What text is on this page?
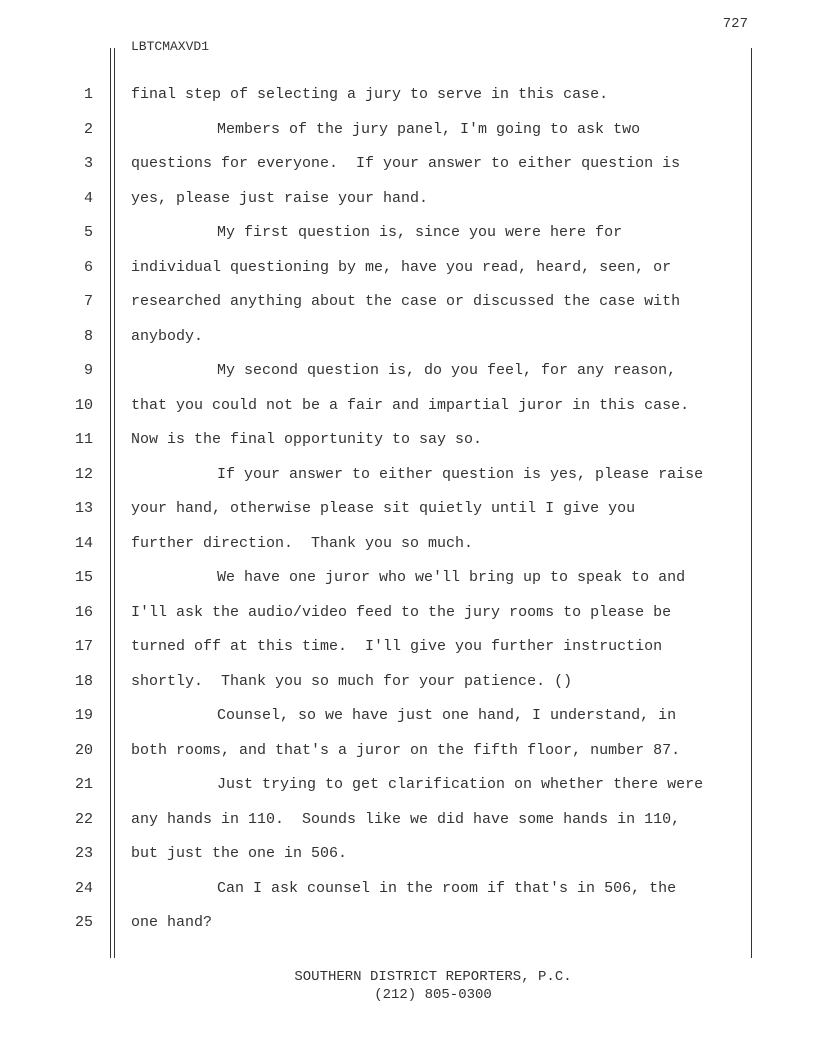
727
LBTCMAXVD1
1	final step of selecting a jury to serve in this case.
2	Members of the jury panel, I'm going to ask two
3	questions for everyone.  If your answer to either question is
4	yes, please just raise your hand.
5	My first question is, since you were here for
6	individual questioning by me, have you read, heard, seen, or
7	researched anything about the case or discussed the case with
8	anybody.
9	My second question is, do you feel, for any reason,
10	that you could not be a fair and impartial juror in this case.
11	Now is the final opportunity to say so.
12	If your answer to either question is yes, please raise
13	your hand, otherwise please sit quietly until I give you
14	further direction.  Thank you so much.
15	We have one juror who we'll bring up to speak to and
16	I'll ask the audio/video feed to the jury rooms to please be
17	turned off at this time.  I'll give you further instruction
18	shortly.  Thank you so much for your patience. ()
19	Counsel, so we have just one hand, I understand, in
20	both rooms, and that's a juror on the fifth floor, number 87.
21	Just trying to get clarification on whether there were
22	any hands in 110.  Sounds like we did have some hands in 110,
23	but just the one in 506.
24	Can I ask counsel in the room if that's in 506, the
25	one hand?
SOUTHERN DISTRICT REPORTERS, P.C.
(212) 805-0300
